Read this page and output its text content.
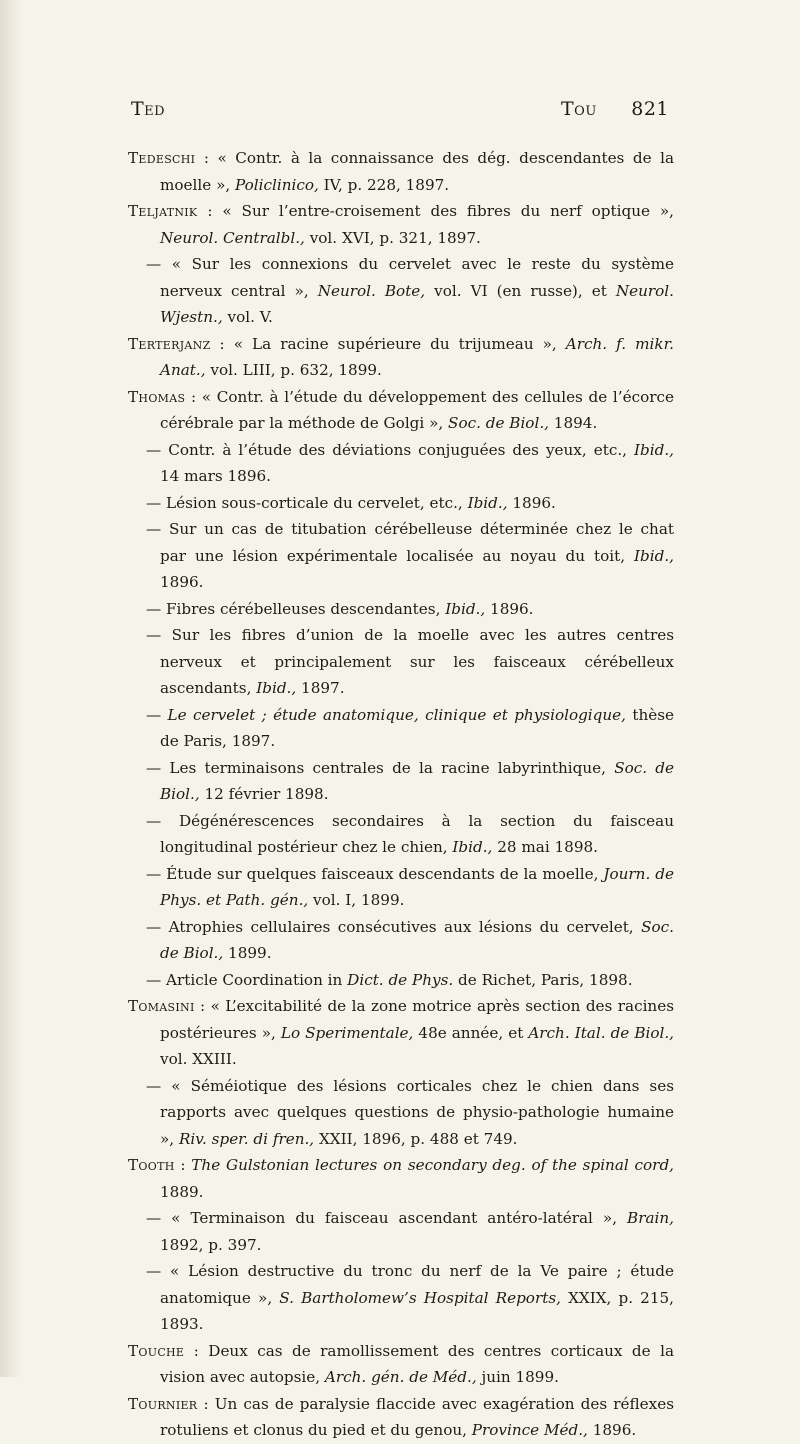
Ted	Tou 821

Tedeschi : « Contr. à la connaissance des dég. descendantes de la moelle », Policlinico, IV, p. 228, 1897.

Teljatnik : « Sur l’entre-croisement des fibres du nerf optique », Neurol. Centralbl., vol. XVI, p. 321, 1897.

— « Sur les connexions du cervelet avec le reste du système nerveux central », Neurol. Bote, vol. VI (en russe), et Neurol. Wjestn., vol. V.

Terterjanz : « La racine supérieure du trijumeau », Arch. f. mikr. Anat., vol. LIII, p. 632, 1899.

Thomas : « Contr. à l’étude du développement des cellules de l’écorce cérébrale par la méthode de Golgi », Soc. de Biol., 1894.

— Contr. à l’étude des déviations conjuguées des yeux, etc., Ibid., 14 mars 1896.

— Lésion sous-corticale du cervelet, etc., Ibid., 1896.

— Sur un cas de titubation cérébelleuse déterminée chez le chat par une lésion expérimentale localisée au noyau du toit, Ibid., 1896.

— Fibres cérébelleuses descendantes, Ibid., 1896.

— Sur les fibres d’union de la moelle avec les autres centres nerveux et principalement sur les faisceaux cérébelleux ascendants, Ibid., 1897.

— Le cervelet ; étude anatomique, clinique et physiologique, thèse de Paris, 1897.

— Les terminaisons centrales de la racine labyrinthique, Soc. de Biol., 12 février 1898.

— Dégénérescences secondaires à la section du faisceau longitudinal postérieur chez le chien, Ibid., 28 mai 1898.

— Étude sur quelques faisceaux descendants de la moelle, Journ. de Phys. et Path. gén., vol. I, 1899.

— Atrophies cellulaires consécutives aux lésions du cervelet, Soc. de Biol., 1899.

— Article Coordination in Dict. de Phys. de Richet, Paris, 1898.

Tomasini : « L’excitabilité de la zone motrice après section des racines postérieures », Lo Sperimentale, 48e année, et Arch. Ital. de Biol., vol. XXIII.

— « Séméiotique des lésions corticales chez le chien dans ses rapports avec quelques questions de physio-pathologie humaine », Riv. sper. di fren., XXII, 1896, p. 488 et 749.

Tooth : The Gulstonian lectures on secondary deg. of the spinal cord, 1889.

— « Terminaison du faisceau ascendant antéro-latéral », Brain, 1892, p. 397.

— « Lésion destructive du tronc du nerf de la Ve paire ; étude anatomique », S. Bartholomew’s Hospital Reports, XXIX, p. 215, 1893.

Touche : Deux cas de ramollissement des centres corticaux de la vision avec autopsie, Arch. gén. de Méd., juin 1899.

Tournier : Un cas de paralysie flaccide avec exagération des réflexes rotuliens et clonus du pied et du genou, Province Méd., 1896.
